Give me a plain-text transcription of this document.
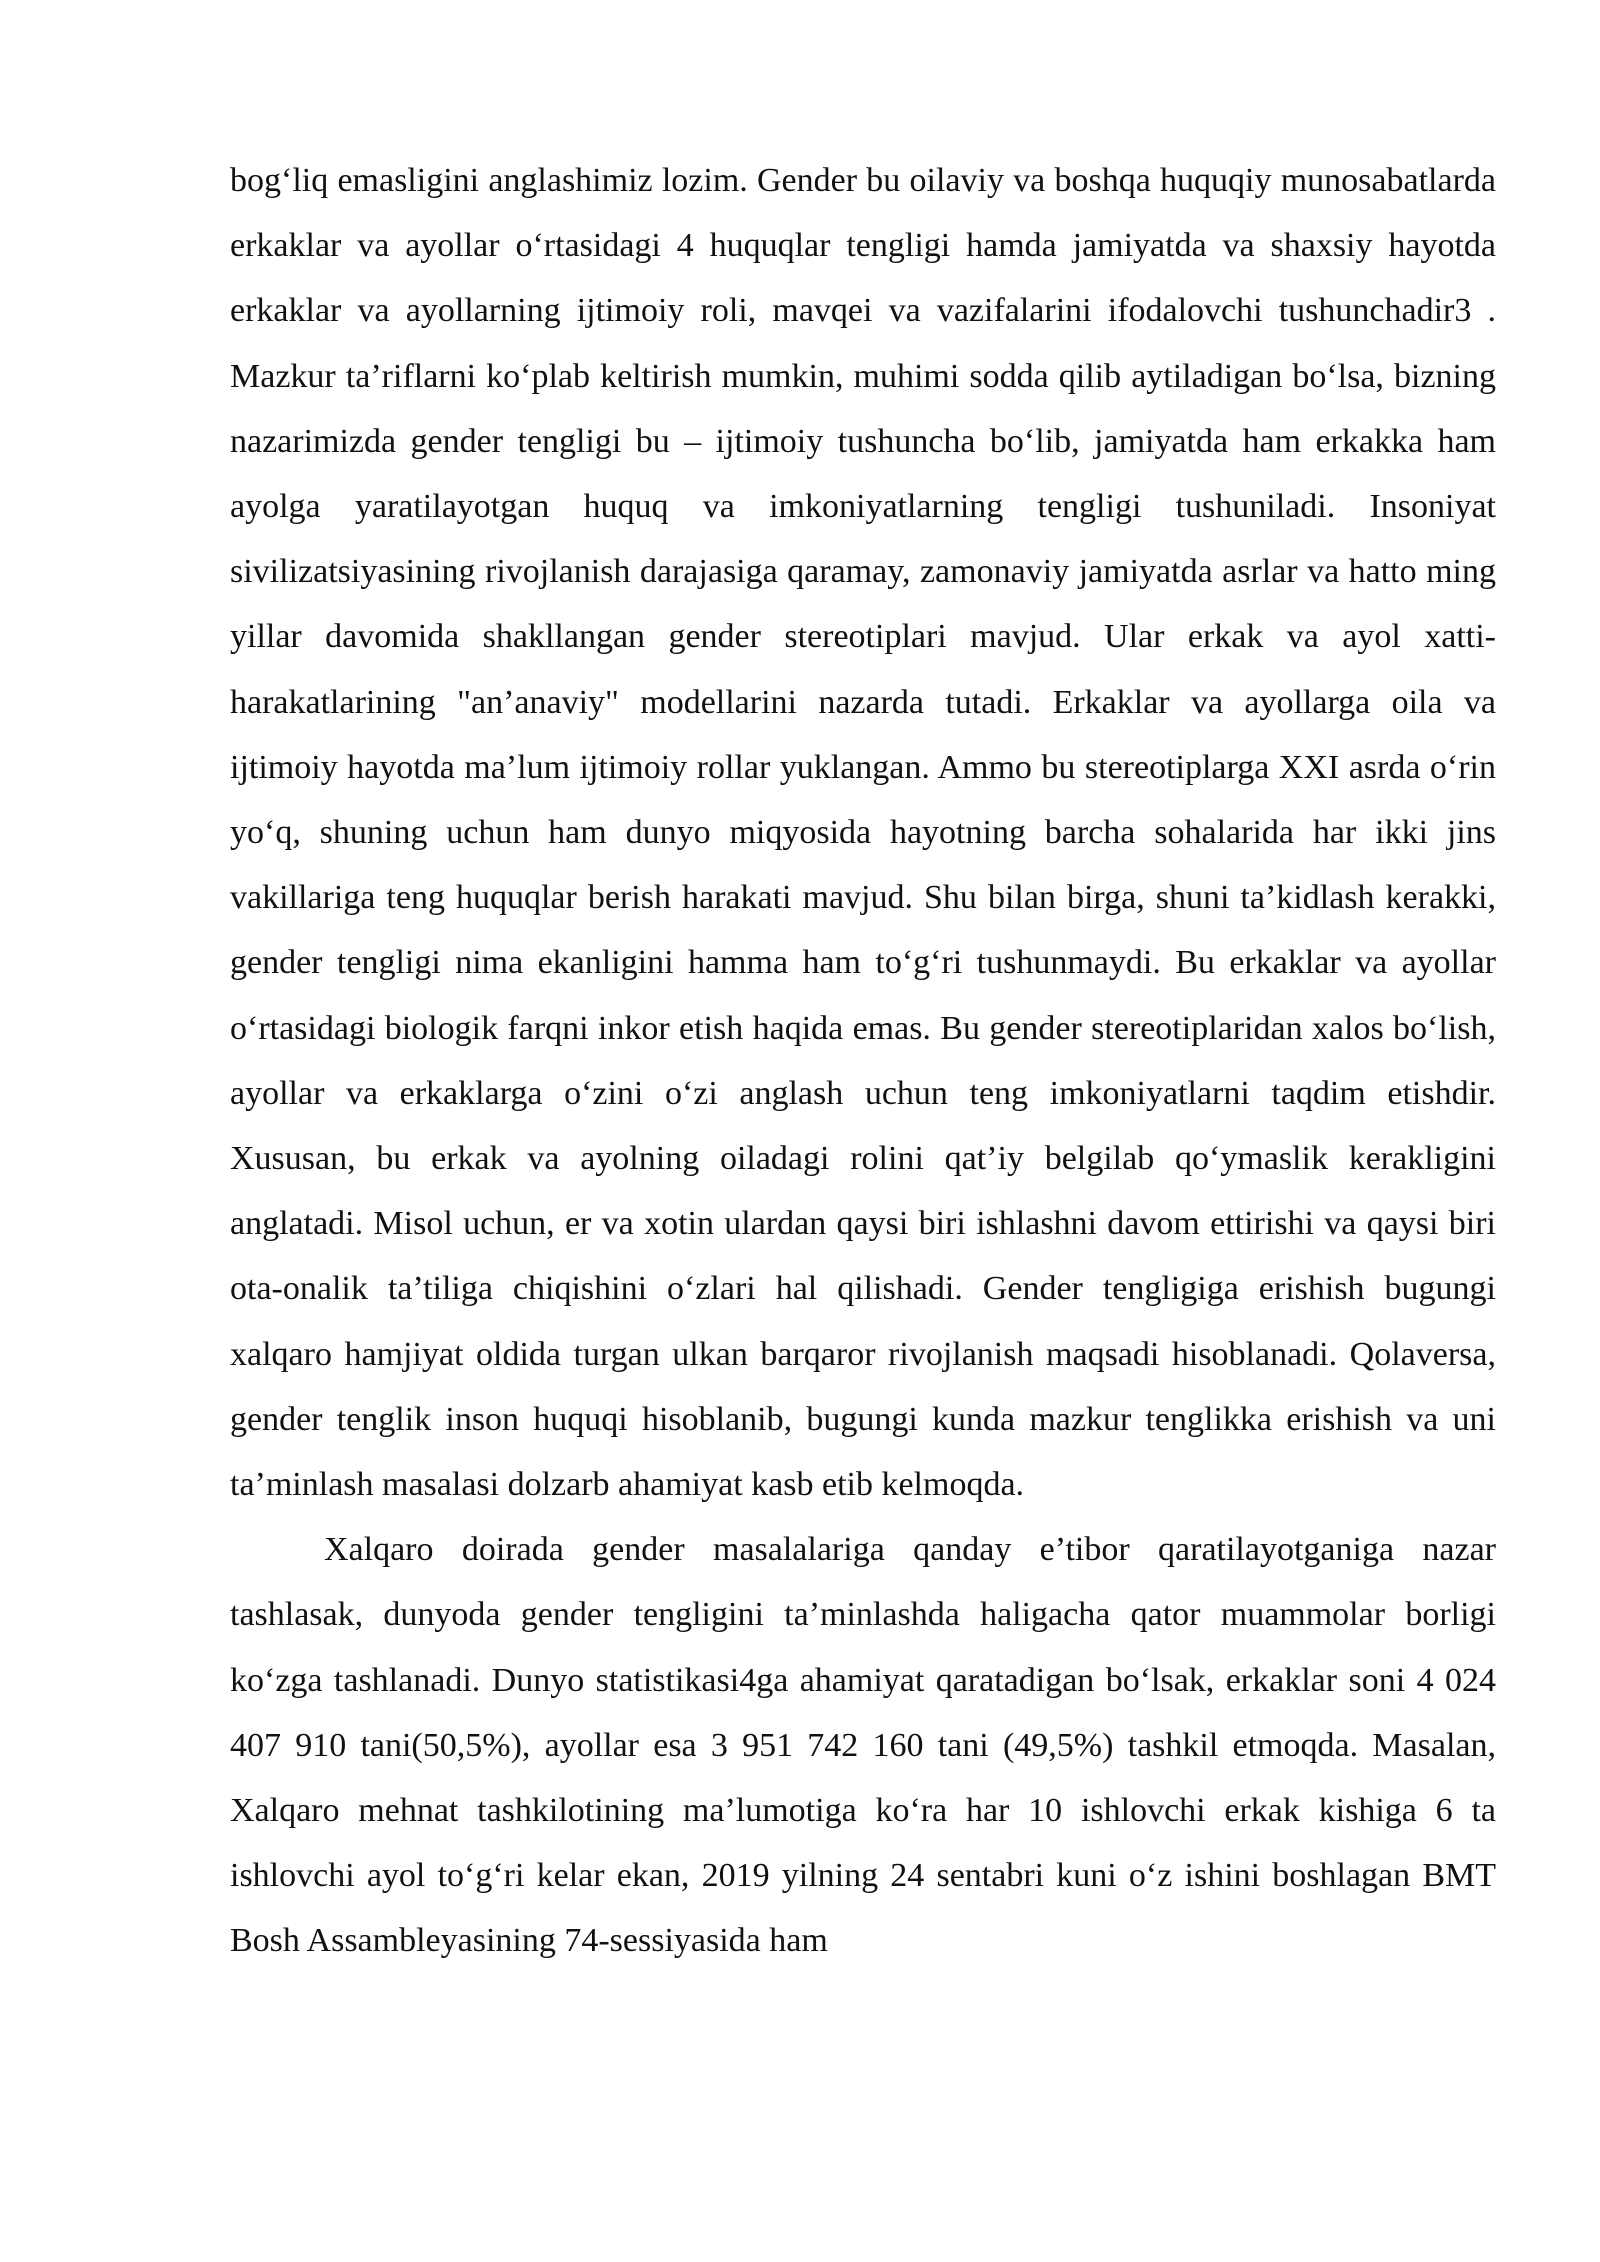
bog‘liq emasligini anglashimiz lozim. Gender bu oilaviy va boshqa huquqiy munosabatlarda erkaklar va ayollar o‘rtasidagi 4 huquqlar tengligi hamda jamiyatda va shaxsiy hayotda erkaklar va ayollarning ijtimoiy roli, mavqei va vazifalarini ifodalovchi tushunchadir3 . Mazkur ta’riflarni ko‘plab keltirish mumkin, muhimi sodda qilib aytiladigan bo‘lsa, bizning nazarimizda gender tengligi bu – ijtimoiy tushuncha bo‘lib, jamiyatda ham erkakka ham ayolga yaratilayotgan huquq va imkoniyatlarning tengligi tushuniladi. Insoniyat sivilizatsiyasining rivojlanish darajasiga qaramay, zamonaviy jamiyatda asrlar va hatto ming yillar davomida shakllangan gender stereotiplari mavjud. Ular erkak va ayol xatti-harakatlarining "an’anaviy" modellarini nazarda tutadi. Erkaklar va ayollarga oila va ijtimoiy hayotda ma’lum ijtimoiy rollar yuklangan. Ammo bu stereotiplarga XXI asrda o‘rin yo‘q, shuning uchun ham dunyo miqyosida hayotning barcha sohalarida har ikki jins vakillariga teng huquqlar berish harakati mavjud. Shu bilan birga, shuni ta’kidlash kerakki, gender tengligi nima ekanligini hamma ham to‘g‘ri tushunmaydi. Bu erkaklar va ayollar o‘rtasidagi biologik farqni inkor etish haqida emas. Bu gender stereotiplaridan xalos bo‘lish, ayollar va erkaklarga o‘zini o‘zi anglash uchun teng imkoniyatlarni taqdim etishdir. Xususan, bu erkak va ayolning oiladagi rolini qat’iy belgilab qo‘ymaslik kerakligini anglatadi. Misol uchun, er va xotin ulardan qaysi biri ishlashni davom ettirishi va qaysi biri ota-onalik ta’tiliga chiqishini o‘zlari hal qilishadi. Gender tengligiga erishish bugungi xalqaro hamjiyat oldida turgan ulkan barqaror rivojlanish maqsadi hisoblanadi. Qolaversa, gender tenglik inson huquqi hisoblanib, bugungi kunda mazkur tenglikka erishish va uni ta’minlash masalasi dolzarb ahamiyat kasb etib kelmoqda.

Xalqaro doirada gender masalalariga qanday e’tibor qaratilayotganiga nazar tashlasak, dunyoda gender tengligini ta’minlashda haligacha qator muammolar borligi ko‘zga tashlanadi. Dunyo statistikasi4ga ahamiyat qaratadigan bo‘lsak, erkaklar soni 4 024 407 910 tani(50,5%), ayollar esa 3 951 742 160 tani (49,5%) tashkil etmoqda. Masalan, Xalqaro mehnat tashkilotining ma’lumotiga ko‘ra har 10 ishlovchi erkak kishiga 6 ta ishlovchi ayol to‘g‘ri kelar ekan, 2019 yilning 24 sentabri kuni o‘z ishini boshlagan BMT Bosh Assambleyasining 74-sessiyasida ham
